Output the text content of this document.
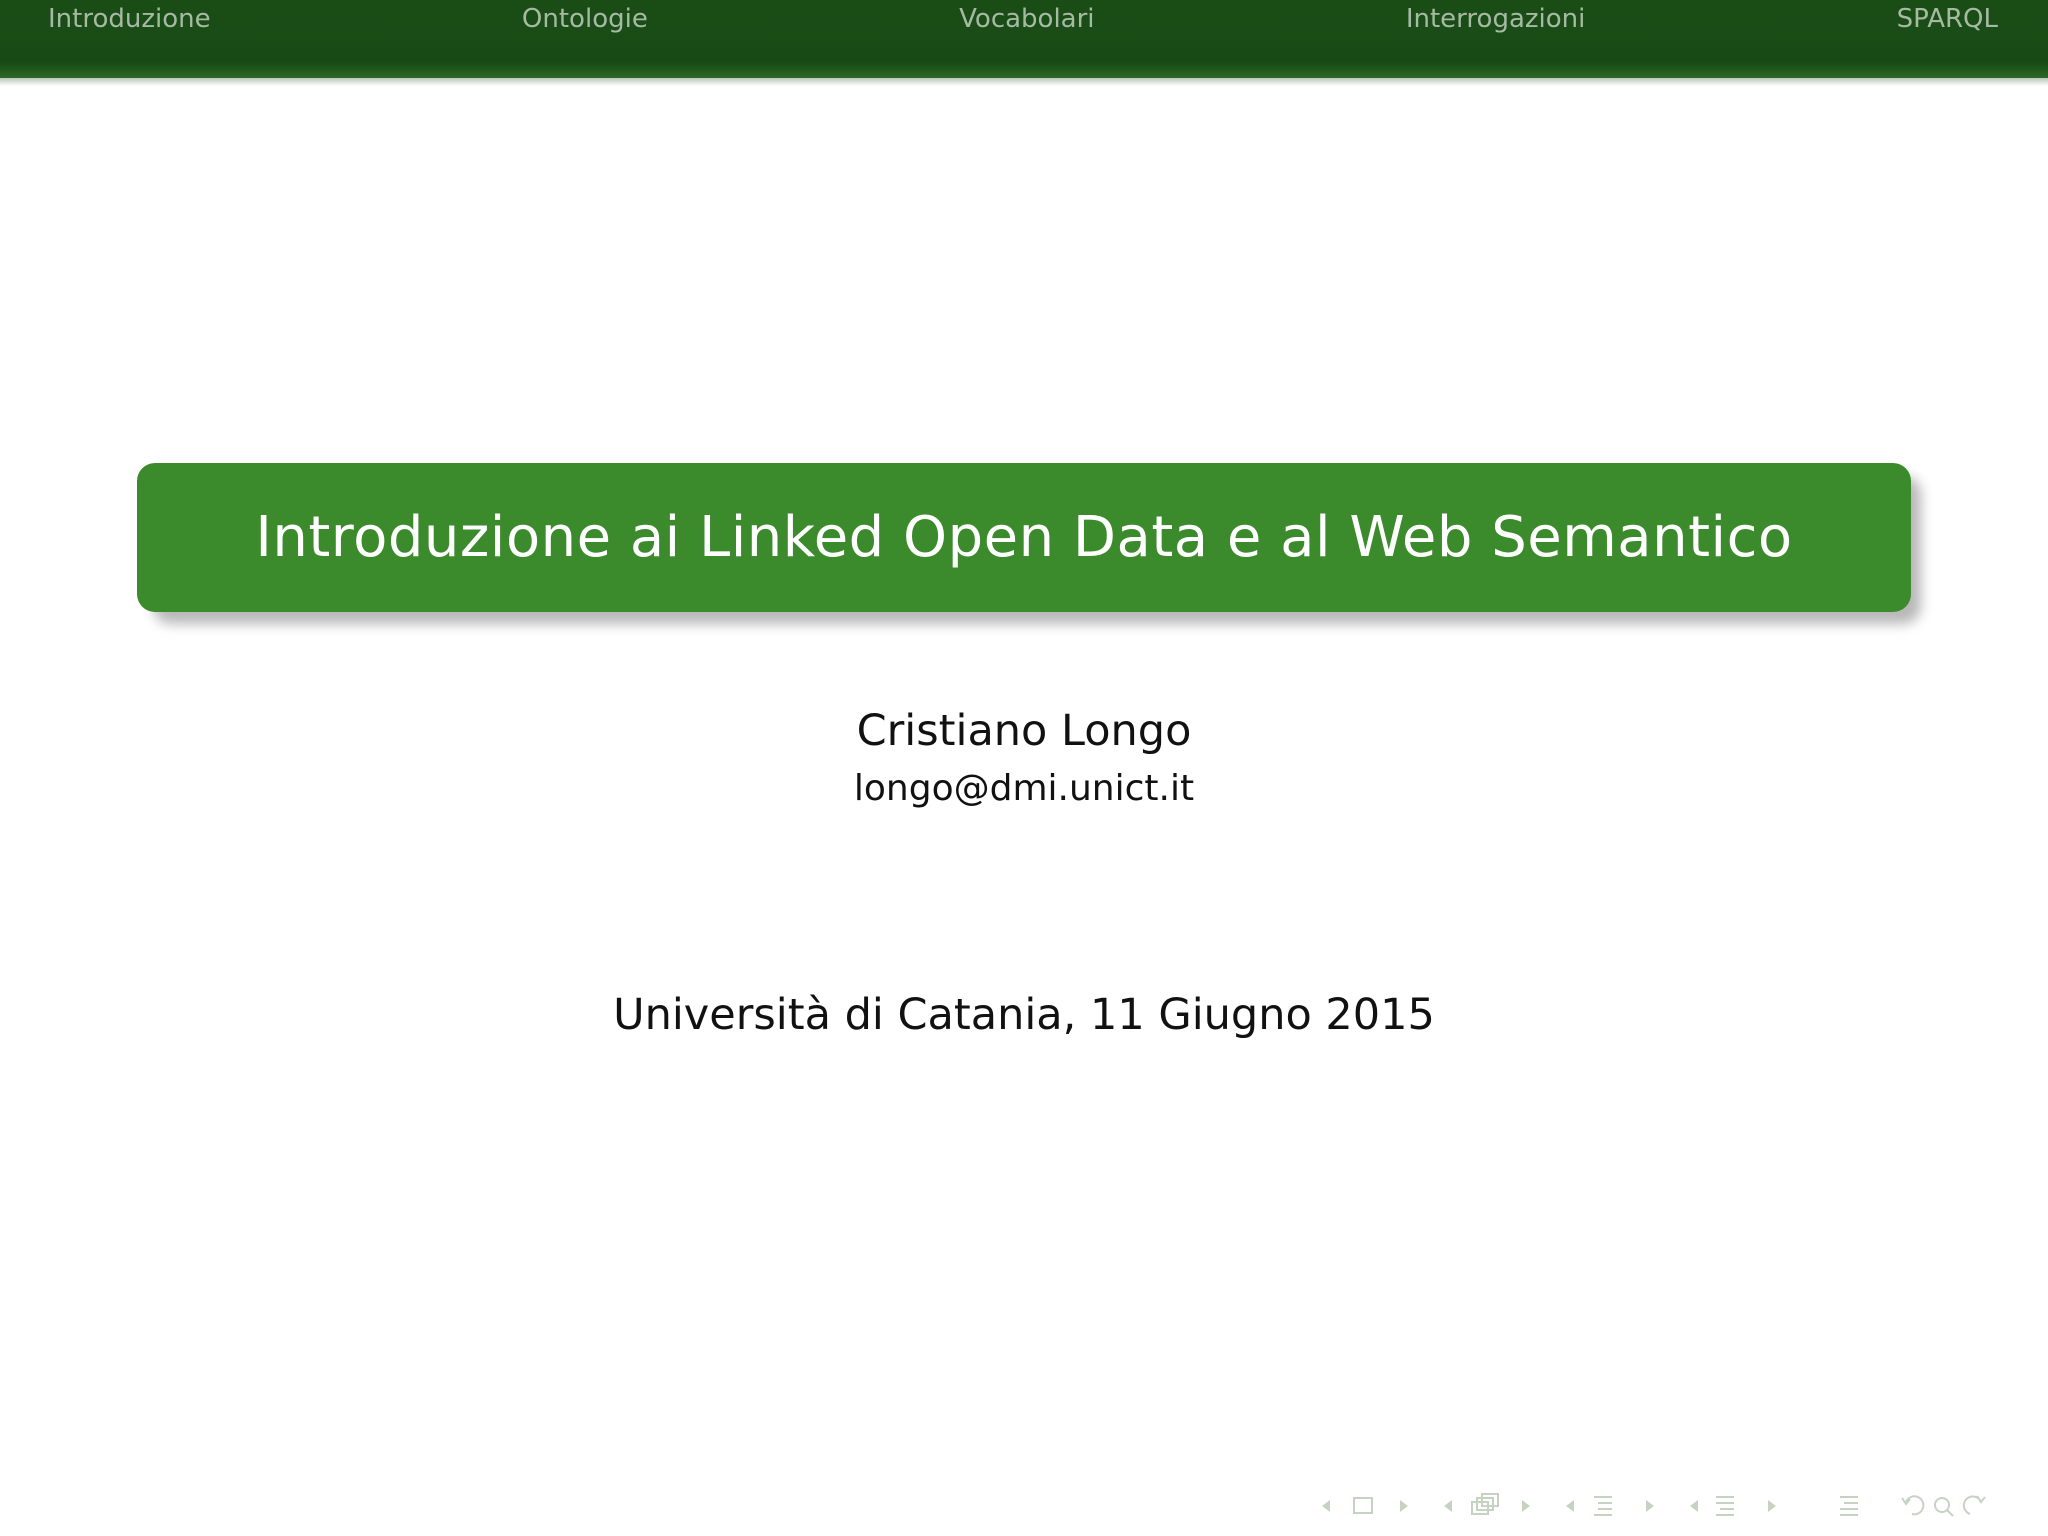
Introduzione	Ontologie	Vocabolari	Interrogazioni	SPARQL
Introduzione ai Linked Open Data e al Web Semantico
Cristiano Longo
longo@dmi.unict.it
Università di Catania, 11 Giugno 2015
